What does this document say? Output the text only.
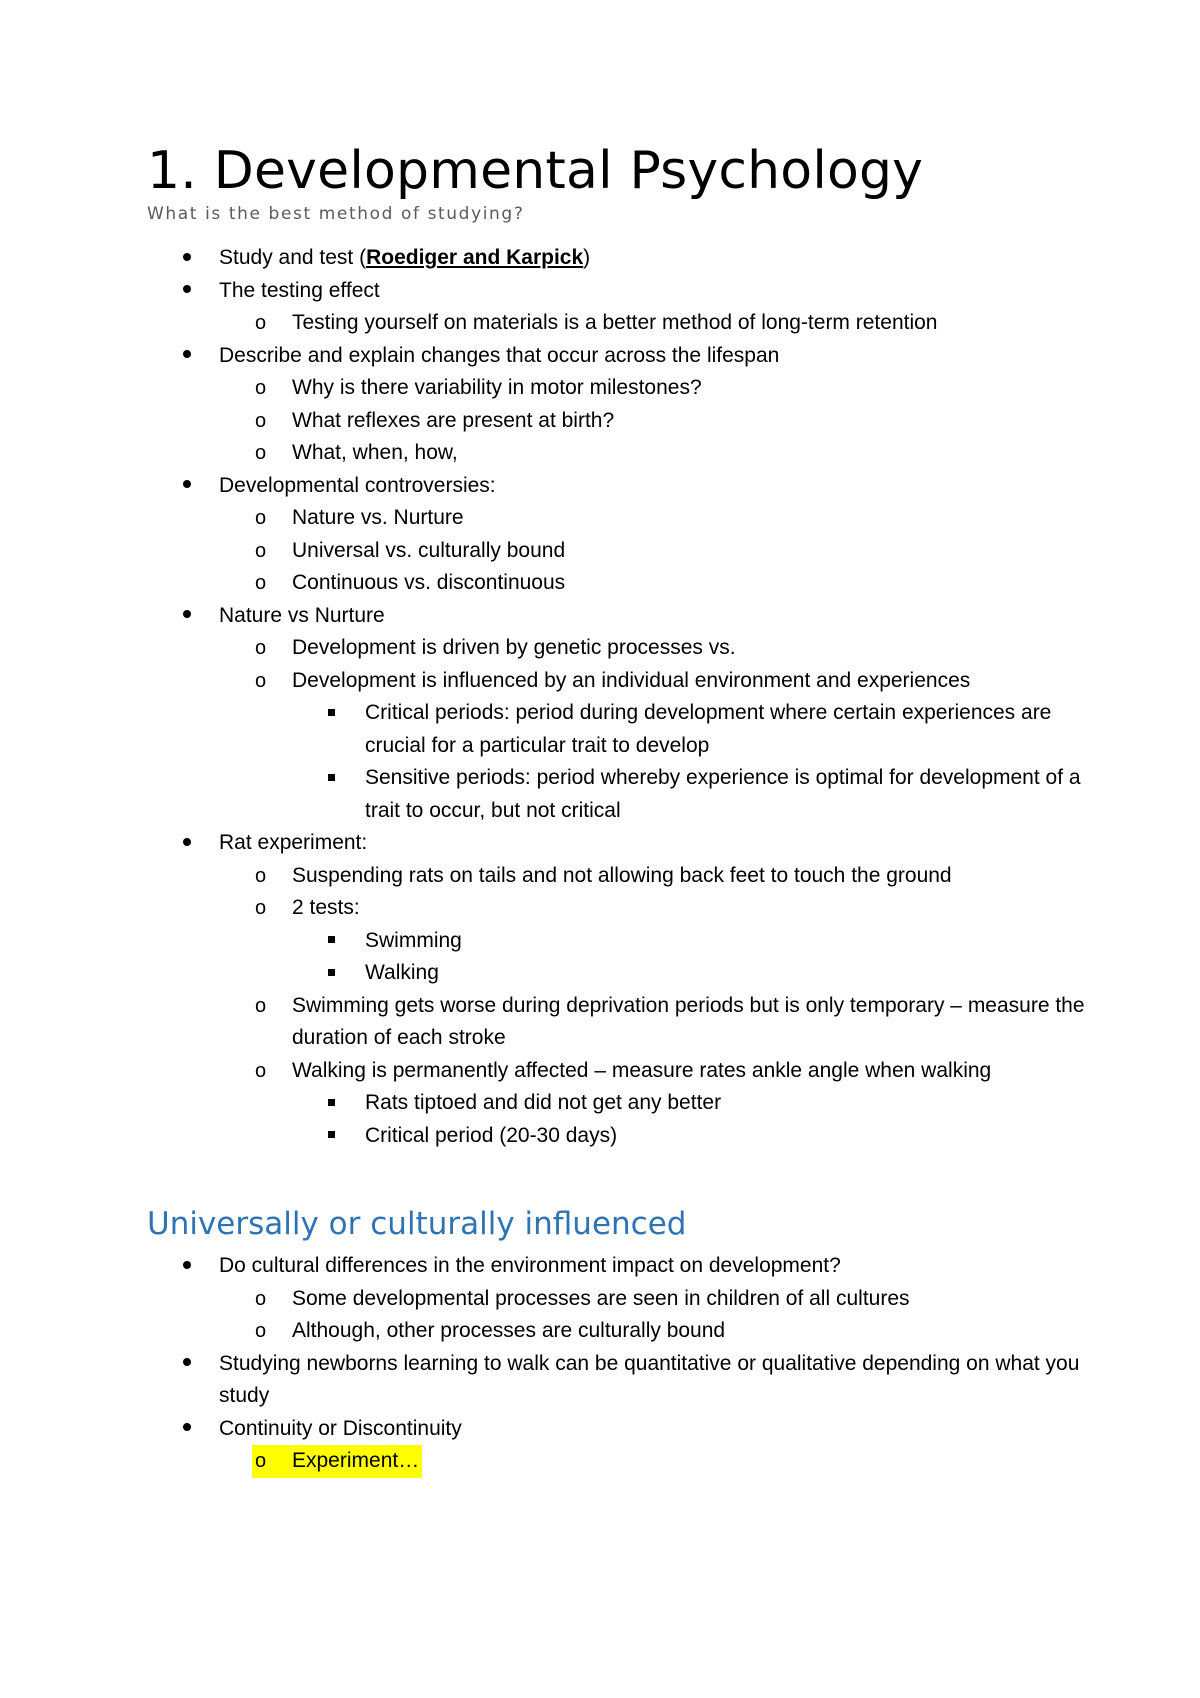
1. Developmental Psychology

What is the best method of studying?

Study and test (Roediger and Karpick)
The testing effect
o Testing yourself on materials is a better method of long-term retention
Describe and explain changes that occur across the lifespan
o Why is there variability in motor milestones?
o What reflexes are present at birth?
o What, when, how,
Developmental controversies:
o Nature vs. Nurture
o Universal vs. culturally bound
o Continuous vs. discontinuous
Nature vs Nurture
o Development is driven by genetic processes vs.
o Development is influenced by an individual environment and experiences
Critical periods: period during development where certain experiences are crucial for a particular trait to develop
Sensitive periods: period whereby experience is optimal for development of a trait to occur, but not critical
Rat experiment:
o Suspending rats on tails and not allowing back feet to touch the ground
o 2 tests:
Swimming
Walking
o Swimming gets worse during deprivation periods but is only temporary – measure the duration of each stroke
o Walking is permanently affected – measure rates ankle angle when walking
Rats tiptoed and did not get any better
Critical period (20-30 days)
Universally or culturally influenced
Do cultural differences in the environment impact on development?
o Some developmental processes are seen in children of all cultures
o Although, other processes are culturally bound
Studying newborns learning to walk can be quantitative or qualitative depending on what you study
Continuity or Discontinuity
o Experiment…
